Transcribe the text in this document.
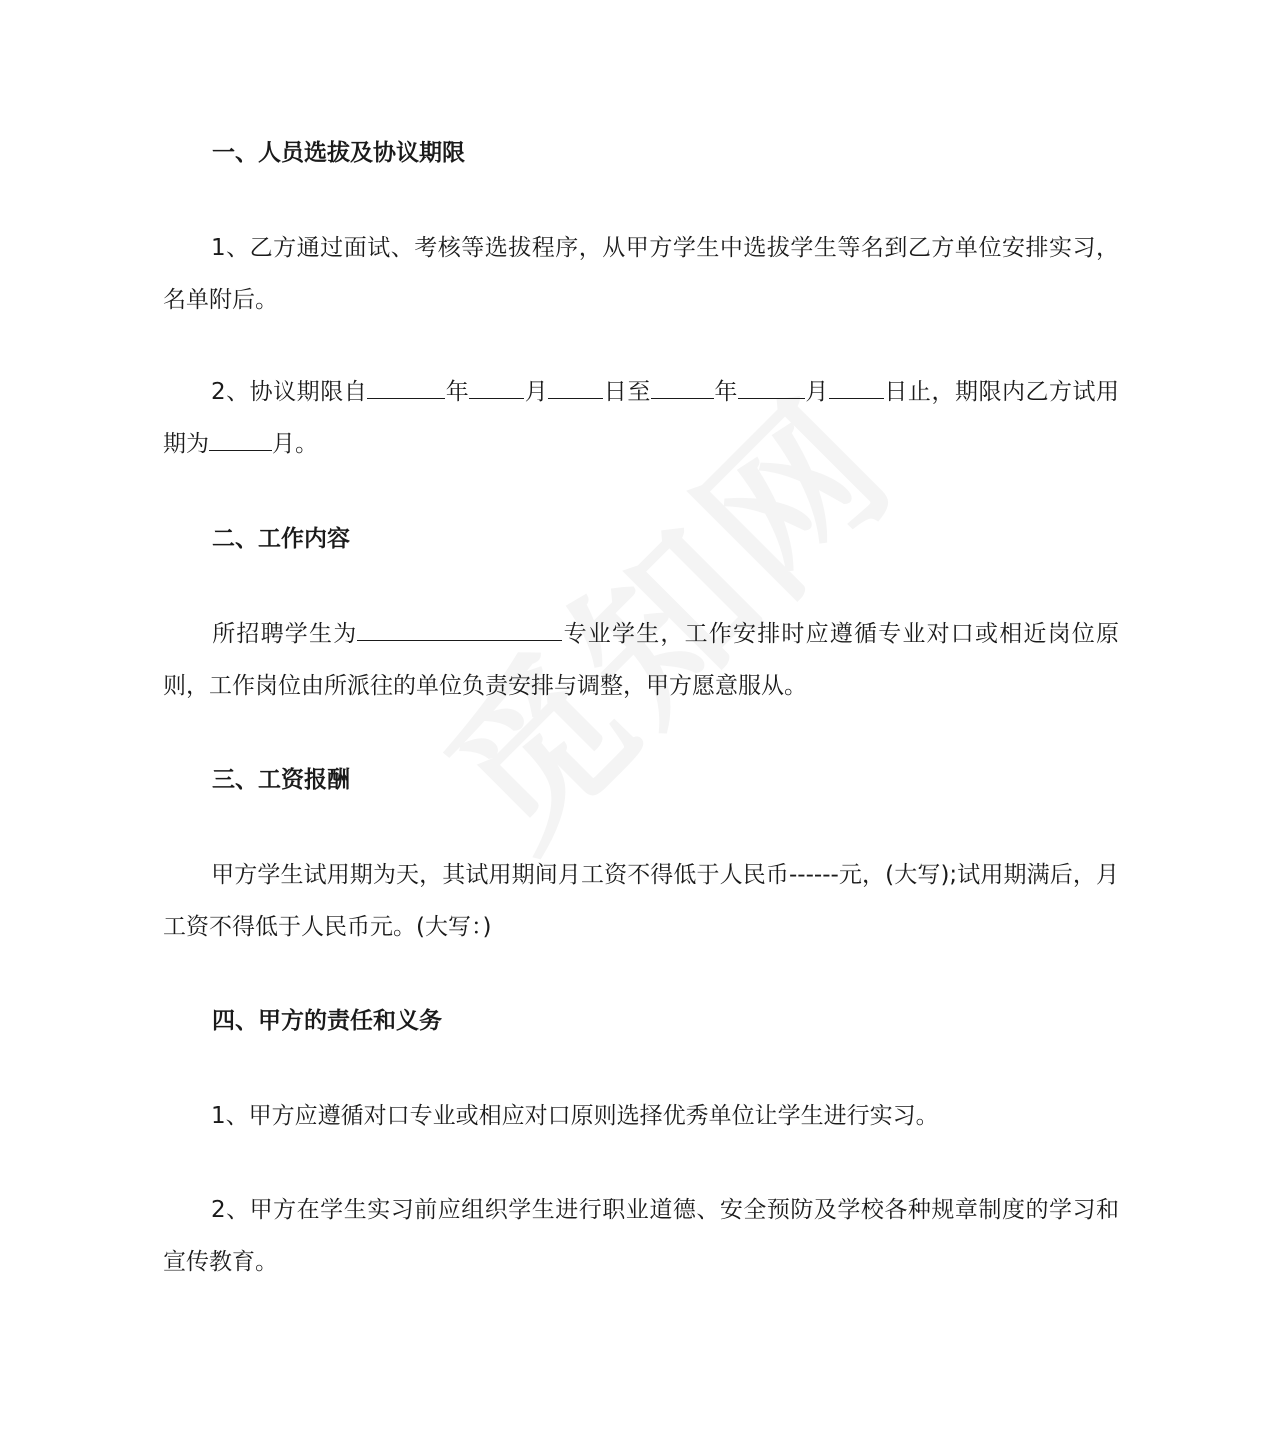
一、人员选拔及协议期限
1、乙方通过面试、考核等选拔程序，从甲方学生中选拔学生等名到乙方单位安排实习，名单附后。
2、协议期限自	年 月 日至	年	月 日止，期限内乙方试用期为	月。
二、工作内容
所招聘学生为	专业学生，工作安排时应遵循专业对口或相近岗位原则，工作岗位由所派往的单位负责安排与调整，甲方愿意服从。
三、工资报酬
甲方学生试用期为天，其试用期间月工资不得低于人民币------元，(大写);试用期满后，月工资不得低于人民币元。(大写：)
四、甲方的责任和义务
1、甲方应遵循对口专业或相应对口原则选择优秀单位让学生进行实习。
2、甲方在学生实习前应组织学生进行职业道德、安全预防及学校各种规章制度的学习和宣传教育。
